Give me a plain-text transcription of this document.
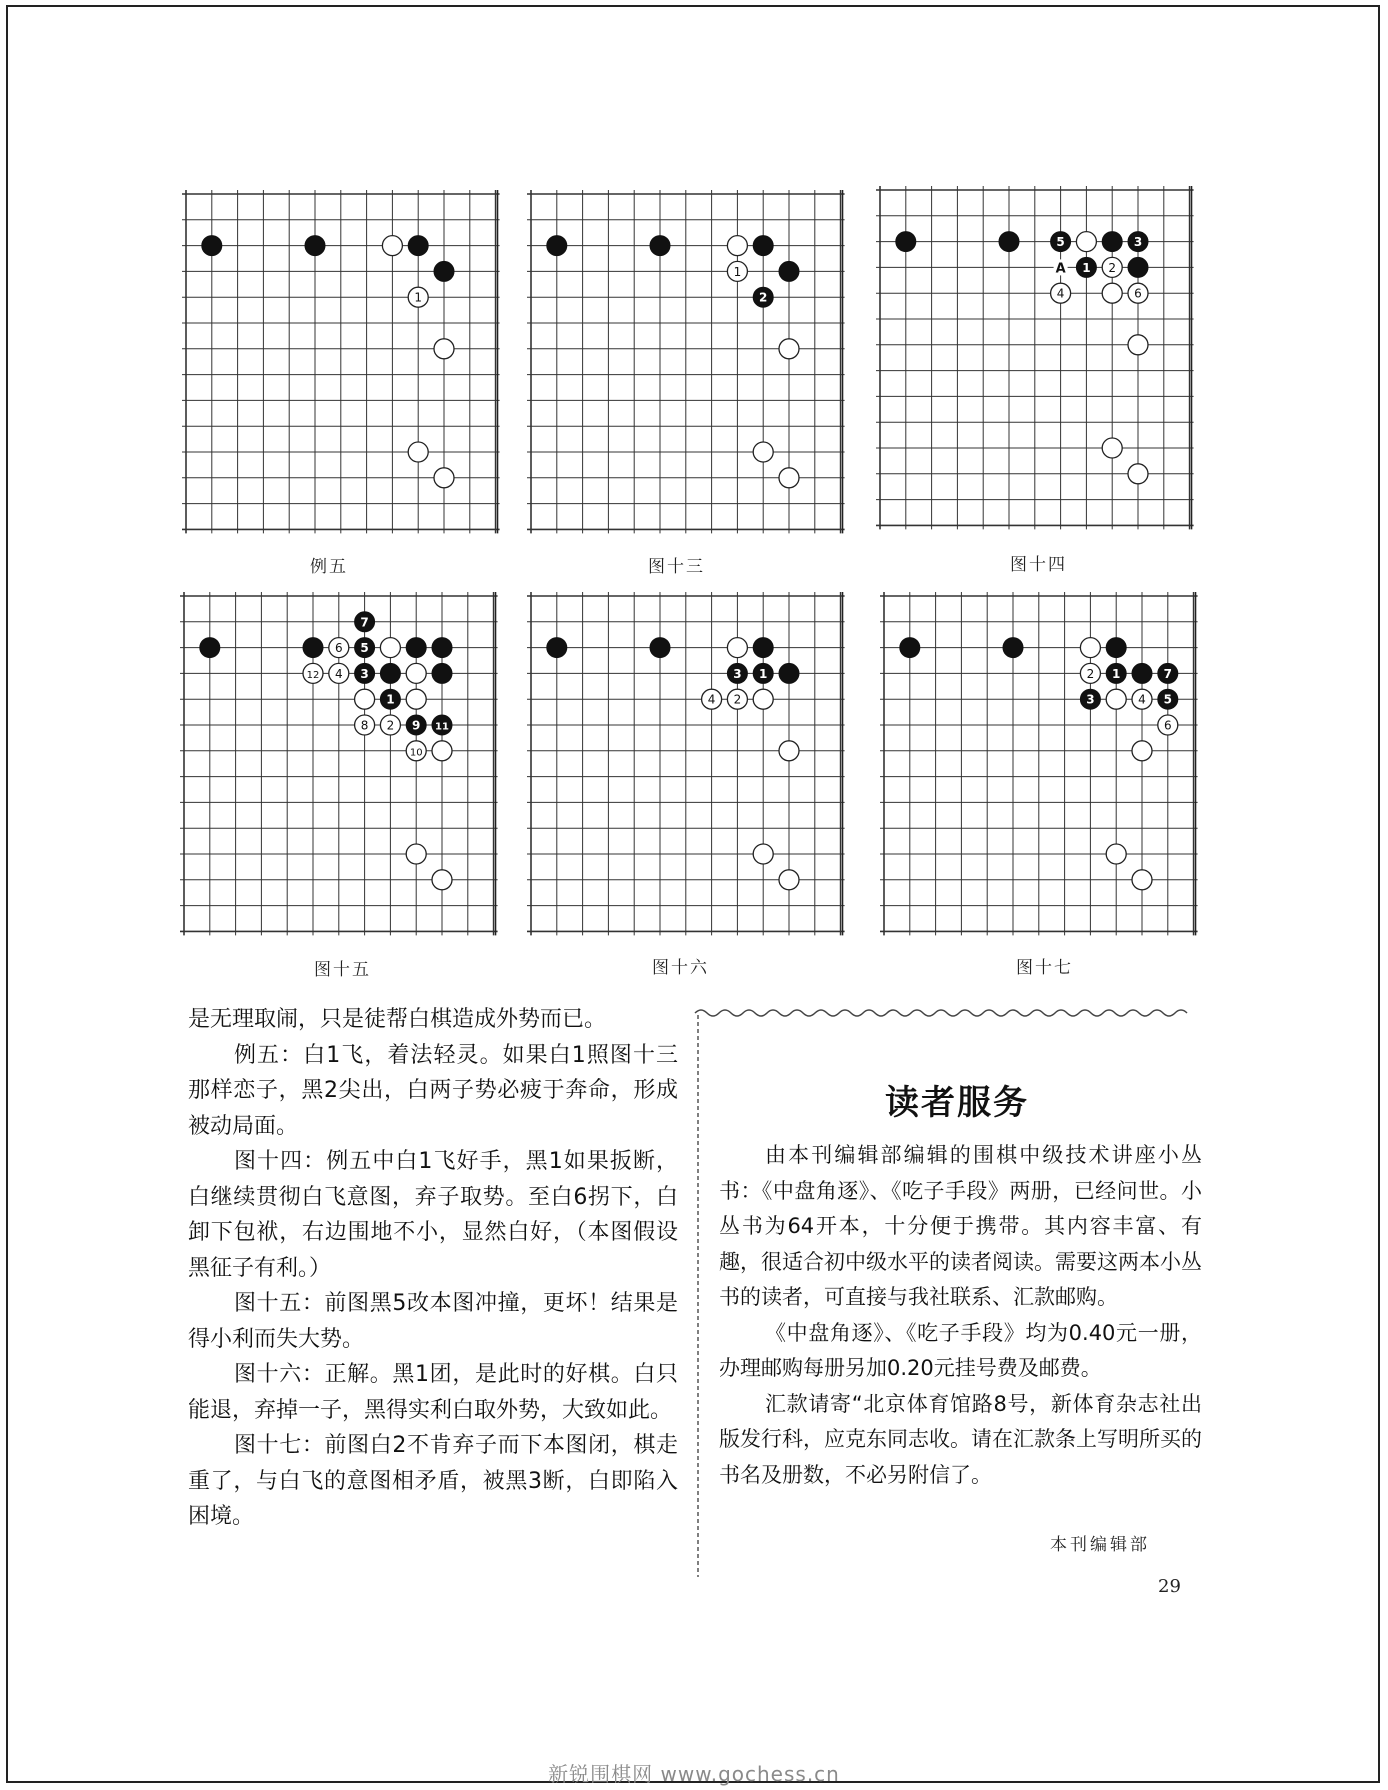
1
例五
1
2
图十三
2
4	6
1
3
5
A
图十四
2
4
6
8
10
12
1
3
5
7
9 11
图十五
2
4
1
3
图十六
2
4
6
1
3	5
7
图十七

是无理取闹，只是徒帮白棋造成外势而已。

例五：白1飞，着法轻灵。如果白1照图十三那样恋子，黑2尖出，白两子势必疲于奔命，形成被动局面。

图十四：例五中白1飞好手，黑1如果扳断，白继续贯彻白飞意图，弃子取势。至白6拐下，白卸下包袱，右边围地不小，显然白好，（本图假设黑征子有利。）

图十五：前图黑5改本图冲撞，更坏！结果是得小利而失大势。

图十六：正解。黑1团，是此时的好棋。白只能退，弃掉一子，黑得实利白取外势，大致如此。

图十七：前图白2不肯弃子而下本图闭，棋走重了，与白飞的意图相矛盾，被黑3断，白即陷入困境。

读者服务

由本刊编辑部编辑的围棋中级技术讲座小丛书：《中盘角逐》、《吃子手段》两册，已经问世。小丛书为64开本，十分便于携带。其内容丰富、有趣，很适合初中级水平的读者阅读。需要这两本小丛书的读者，可直接与我社联系、汇款邮购。

《中盘角逐》、《吃子手段》均为0.40元一册，办理邮购每册另加0.20元挂号费及邮费。

汇款请寄“北京体育馆路8号，新体育杂志社出版发行科，应克东同志收。请在汇款条上写明所买的书名及册数，不必另附信了。

本刊编辑部
29
新锐围棋网 www.gochess.cn
